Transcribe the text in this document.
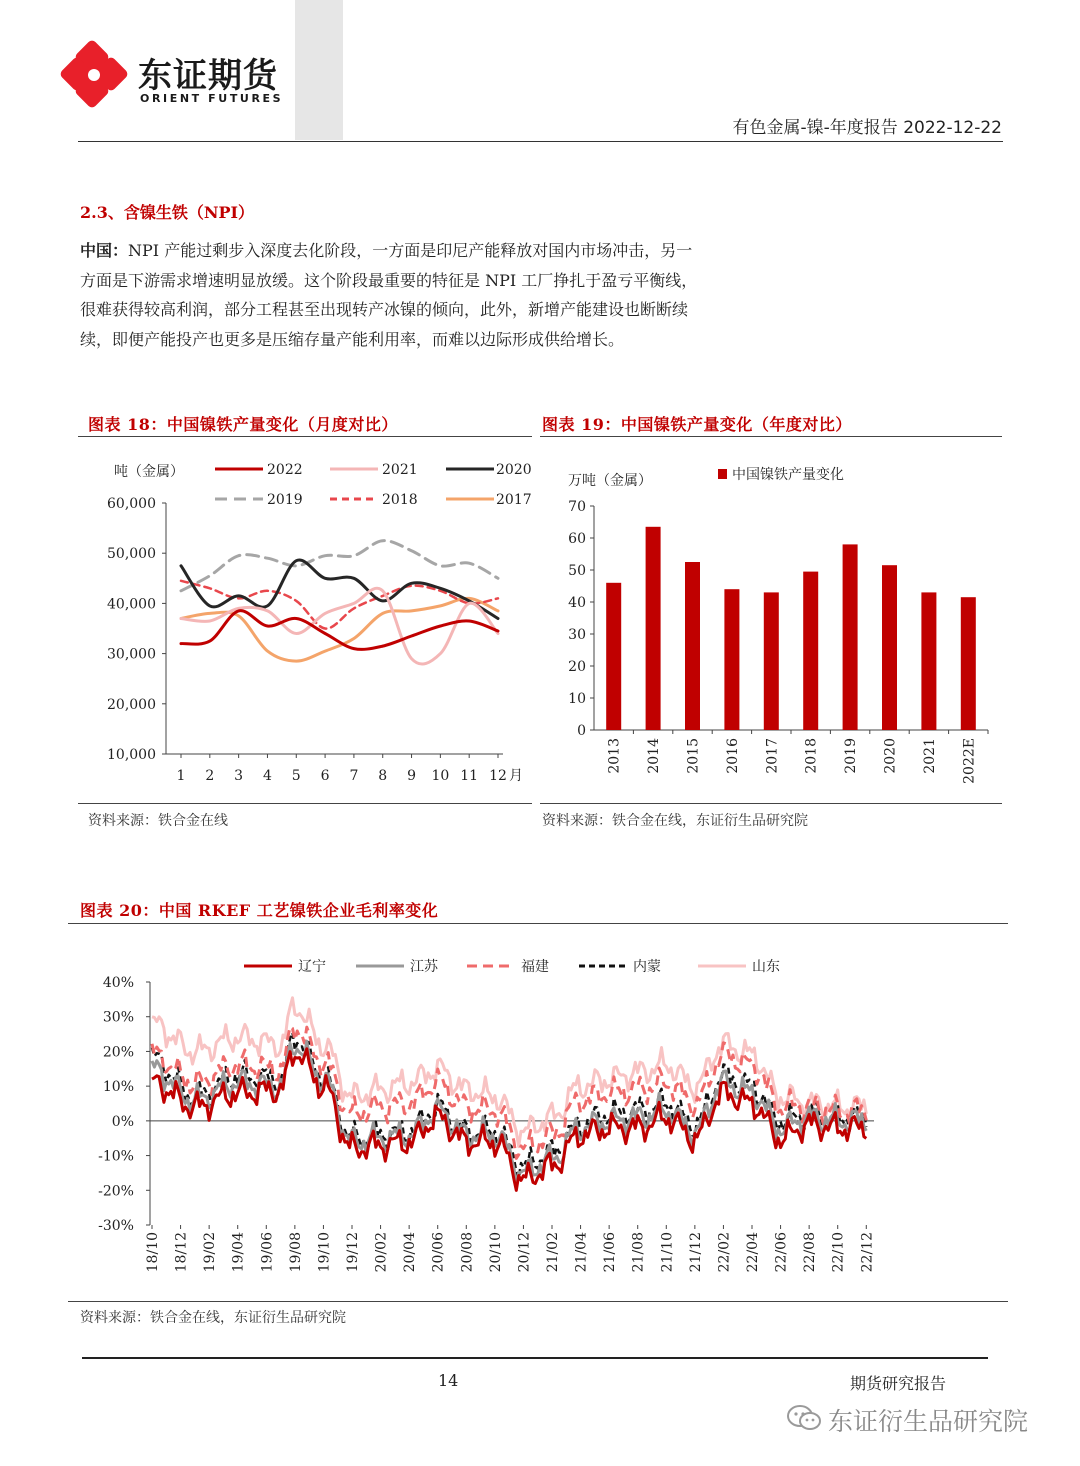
东证期货
ORIENT FUTURES
有色金属-镍-年度报告 2022-12-22
2.3、含镍生铁（NPI）
中国：NPI 产能过剩步入深度去化阶段，一方面是印尼产能释放对国内市场冲击，另一
方面是下游需求增速明显放缓。这个阶段最重要的特征是 NPI 工厂挣扎于盈亏平衡线，
很难获得较高利润，部分工程甚至出现转产冰镍的倾向，此外，新增产能建设也断断续
续，即便产能投产也更多是压缩存量产能利用率，而难以边际形成供给增长。
图表 18：中国镍铁产量变化（月度对比）
60,000
50,000
40,000
30,000
20,000
10,000
1 2 3 4 5 6 7 8 9 10 11 12 月
吨（金属）	2022	2021	2020
2019	2018	2017
资料来源：铁合金在线
图表 19：中国镍铁产量变化（年度对比）
0
10
20
30
40
50
60
70
万吨（金属）	中国镍铁产量变化
2013 2014 2015 2016 2017 2018 2019 2020 2021 2022E
资料来源：铁合金在线，东证衍生品研究院
图表 20：中国 RKEF 工艺镍铁企业毛利率变化
40%
30%
20%
10%
0%
-10%
-20%
-30%
18/10 18/12 19/02 19/04 19/06 19/08 19/10 19/12 20/02 20/04 20/06 20/08 20/10 20/12 21/02 21/04 21/06 21/08 21/10 21/12 22/02 22/04 22/06 22/08 22/10 22/12
辽宁	江苏	福建	内蒙	山东
资料来源：铁合金在线，东证衍生品研究院
14	期货研究报告
东证衍生品研究院
